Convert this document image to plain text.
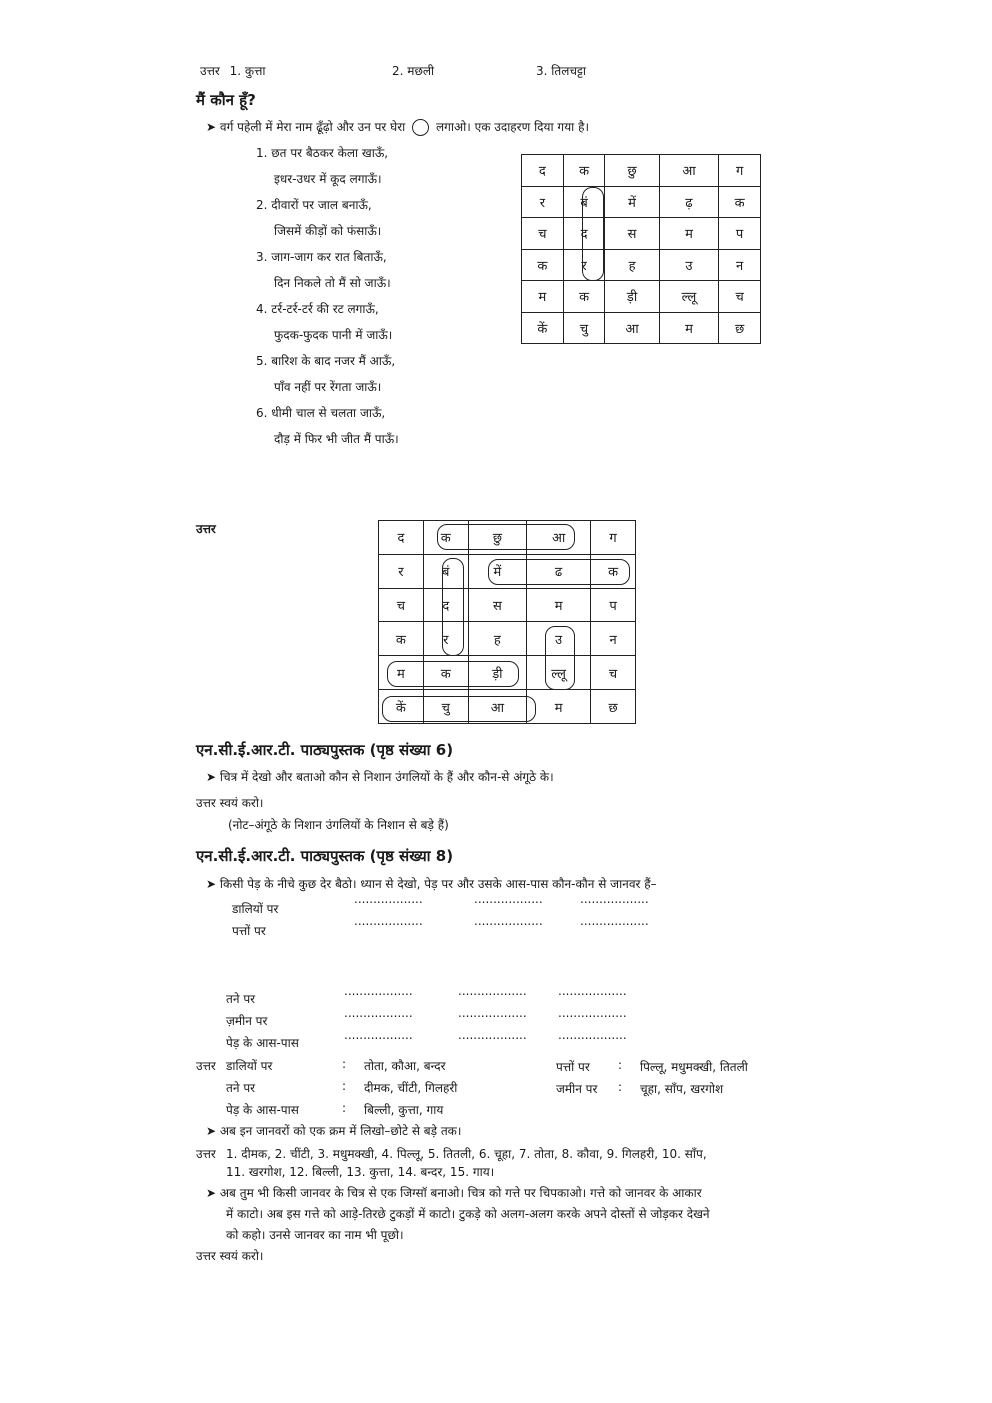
उत्तर 1. कुत्ता	2. मछली	3. तिलचट्टा
मैं कौन हूँ?
➤ वर्ग पहेली में मेरा नाम ढूँढ़ो और उन पर घेरा	लगाओ। एक उदाहरण दिया गया है।
1. छत पर बैठकर केला खाऊँ,
इधर-उधर में कूद लगाऊँ।
2. दीवारों पर जाल बनाऊँ,
जिसमें कीड़ों को फंसाऊँ।
3. जाग-जाग कर रात बिताऊँ,
दिन निकले तो मैं सो जाऊँ।
4. टर्र-टर्र-टर्र की रट लगाऊँ,
फुदक-फुदक पानी में जाऊँ।
5. बारिश के बाद नजर मैं आऊँ,
पाँव नहीं पर रेंगता जाऊँ।
6. धीमी चाल से चलता जाऊँ,
दौड़ में फिर भी जीत मैं पाऊँ।
द	क	छु	आ	ग
र	बं	में	ढ़	क
च	द	स	म	प
क	र	ह	उ	न
म	क	ड़ी	ल्लू	च
कें	चु	आ	म	छ
उत्तर
द	क	छु	आ	ग
र	बं	में	ढ	क
च	द	स	म	प
क	र	ह	उ	न
म	क	ड़ी	ल्लू	च
कें	चु	आ	म	छ
एन.सी.ई.आर.टी. पाठ्यपुस्तक (पृष्ठ संख्या 6)
➤ चित्र में देखो और बताओ कौन से निशान उंगलियों के हैं और कौन-से अंगूठे के।
उत्तर स्वयं करो।
(नोट–अंगूठे के निशान उंगलियों के निशान से बड़े हैं)
एन.सी.ई.आर.टी. पाठ्यपुस्तक (पृष्ठ संख्या 8)
➤ किसी पेड़ के नीचे कुछ देर बैठो। ध्यान से देखो, पेड़ पर और उसके आस-पास कौन-कौन से जानवर हैं–
डालियों पर
..................	..................	..................
पत्तों पर
..................	..................	..................
तने पर
..................	..................	..................
ज़मीन पर
..................	..................	..................
पेड़ के आस-पास
..................	..................	..................
उत्तर डालियों पर	: तोता, कौआ, बन्दर	पत्तों पर : पिल्लू, मधुमक्खी, तितली
तने पर	: दीमक, चींटी, गिलहरी	जमीन पर : चूहा, साँप, खरगोश
पेड़ के आस-पास	: बिल्ली, कुत्ता, गाय
➤ अब इन जानवरों को एक क्रम में लिखो–छोटे से बड़े तक।
उत्तर 1. दीमक, 2. चींटी, 3. मधुमक्खी, 4. पिल्लू, 5. तितली, 6. चूहा, 7. तोता, 8. कौवा, 9. गिलहरी, 10. साँप,
11. खरगोश, 12. बिल्ली, 13. कुत्ता, 14. बन्दर, 15. गाय।
➤ अब तुम भी किसी जानवर के चित्र से एक जिग्सॉ बनाओ। चित्र को गत्ते पर चिपकाओ। गत्ते को जानवर के आकार
में काटो। अब इस गत्ते को आड़े-तिरछे टुकड़ों में काटो। टुकड़े को अलग-अलग करके अपने दोस्तों से जोड़कर देखने
को कहो। उनसे जानवर का नाम भी पूछो।
उत्तर स्वयं करो।
